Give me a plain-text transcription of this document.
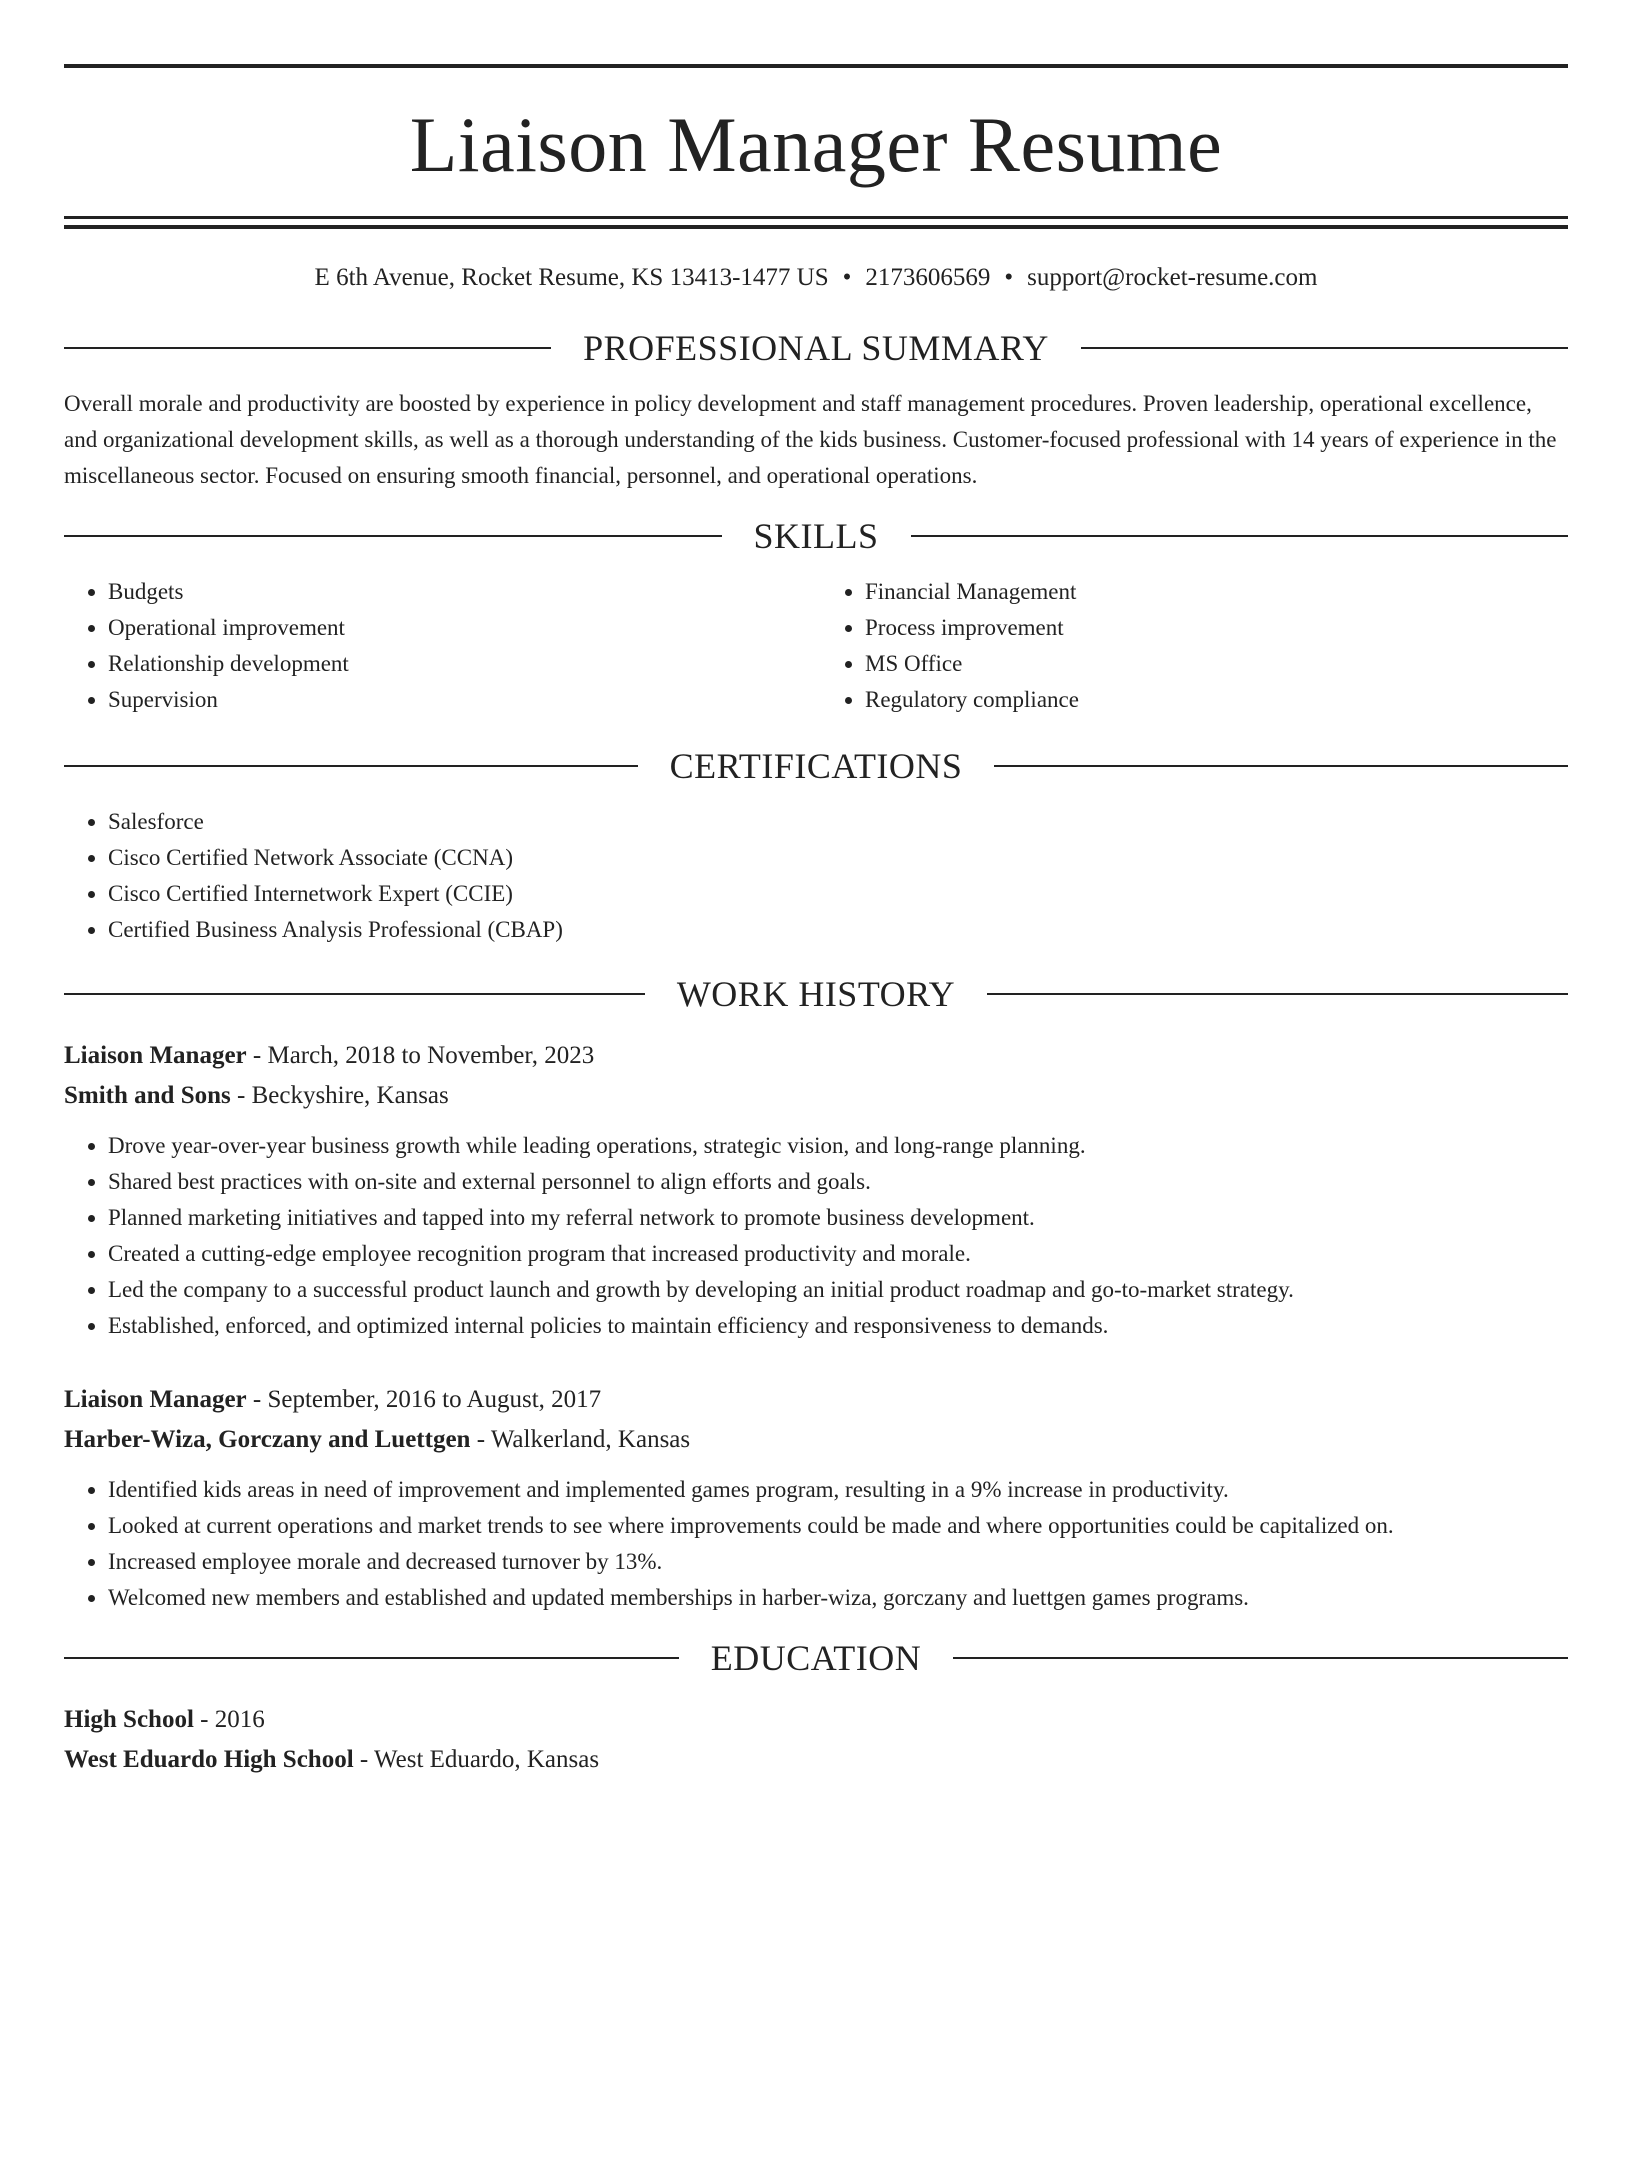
Liaison Manager Resume
E 6th Avenue, Rocket Resume, KS 13413-1477 US • 2173606569 • support@rocket-resume.com
PROFESSIONAL SUMMARY

Overall morale and productivity are boosted by experience in policy development and staff management procedures. Proven leadership, operational excellence, and organizational development skills, as well as a thorough understanding of the kids business. Customer-focused professional with 14 years of experience in the miscellaneous sector. Focused on ensuring smooth financial, personnel, and operational operations.

SKILLS
• Budgets
• Operational improvement
• Relationship development
• Supervision
• Financial Management
• Process improvement
• MS Office
• Regulatory compliance
CERTIFICATIONS
• Salesforce
• Cisco Certified Network Associate (CCNA)
• Cisco Certified Internetwork Expert (CCIE)
• Certified Business Analysis Professional (CBAP)
WORK HISTORY

Liaison Manager - March, 2018 to November, 2023

Smith and Sons - Beckyshire, Kansas

• Drove year-over-year business growth while leading operations, strategic vision, and long-range planning.
• Shared best practices with on-site and external personnel to align efforts and goals.
• Planned marketing initiatives and tapped into my referral network to promote business development.
• Created a cutting-edge employee recognition program that increased productivity and morale.
• Led the company to a successful product launch and growth by developing an initial product roadmap and go-to-market strategy.
• Established, enforced, and optimized internal policies to maintain efficiency and responsiveness to demands.

Liaison Manager - September, 2016 to August, 2017

Harber-Wiza, Gorczany and Luettgen - Walkerland, Kansas

• Identified kids areas in need of improvement and implemented games program, resulting in a 9% increase in productivity.
• Looked at current operations and market trends to see where improvements could be made and where opportunities could be capitalized on.
• Increased employee morale and decreased turnover by 13%.
• Welcomed new members and established and updated memberships in harber-wiza, gorczany and luettgen games programs.
EDUCATION

High School - 2016

West Eduardo High School - West Eduardo, Kansas
